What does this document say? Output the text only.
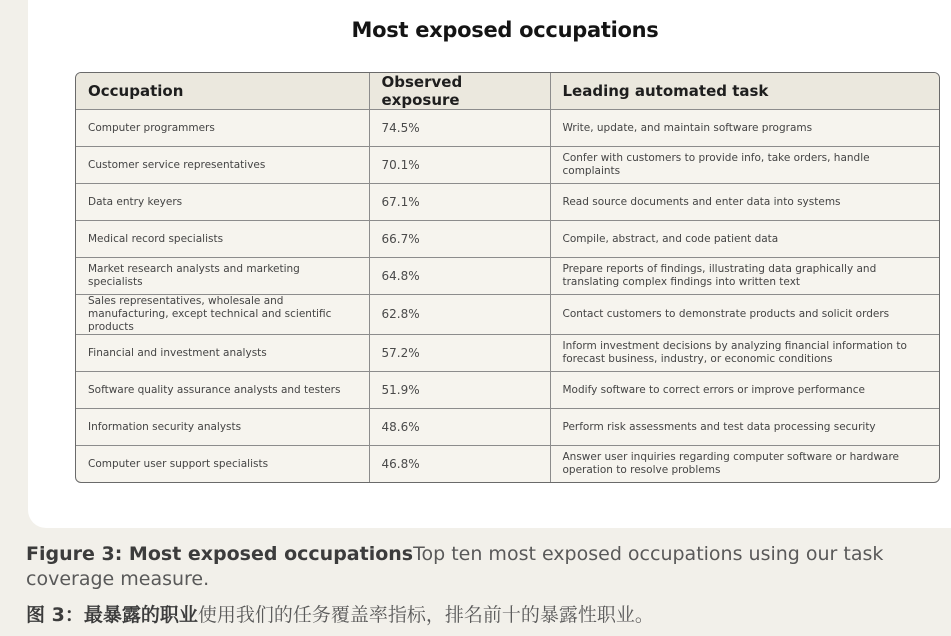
Most exposed occupations
Occupation	Observed exposure	Leading automated task
Computer programmers	74.5%	Write, update, and maintain software programs
Customer service representatives	70.1%	Confer with customers to provide info, take orders, handle complaints
Data entry keyers	67.1%	Read source documents and enter data into systems
Medical record specialists	66.7%	Compile, abstract, and code patient data
Market research analysts and marketing specialists	64.8%	Prepare reports of findings, illustrating data graphically and translating complex findings into written text
Sales representatives, wholesale and manufacturing, except technical and scientific products	62.8%	Contact customers to demonstrate products and solicit orders
Financial and investment analysts	57.2%	Inform investment decisions by analyzing financial information to forecast business, industry, or economic conditions
Software quality assurance analysts and testers	51.9%	Modify software to correct errors or improve performance
Information security analysts	48.6%	Perform risk assessments and test data processing security
Computer user support specialists	46.8%	Answer user inquiries regarding computer software or hardware operation to resolve problems
Figure 3: Most exposed occupationsTop ten most exposed occupations using our task coverage measure.
图 3：最暴露的职业使用我们的任务覆盖率指标，排名前十的暴露性职业。
